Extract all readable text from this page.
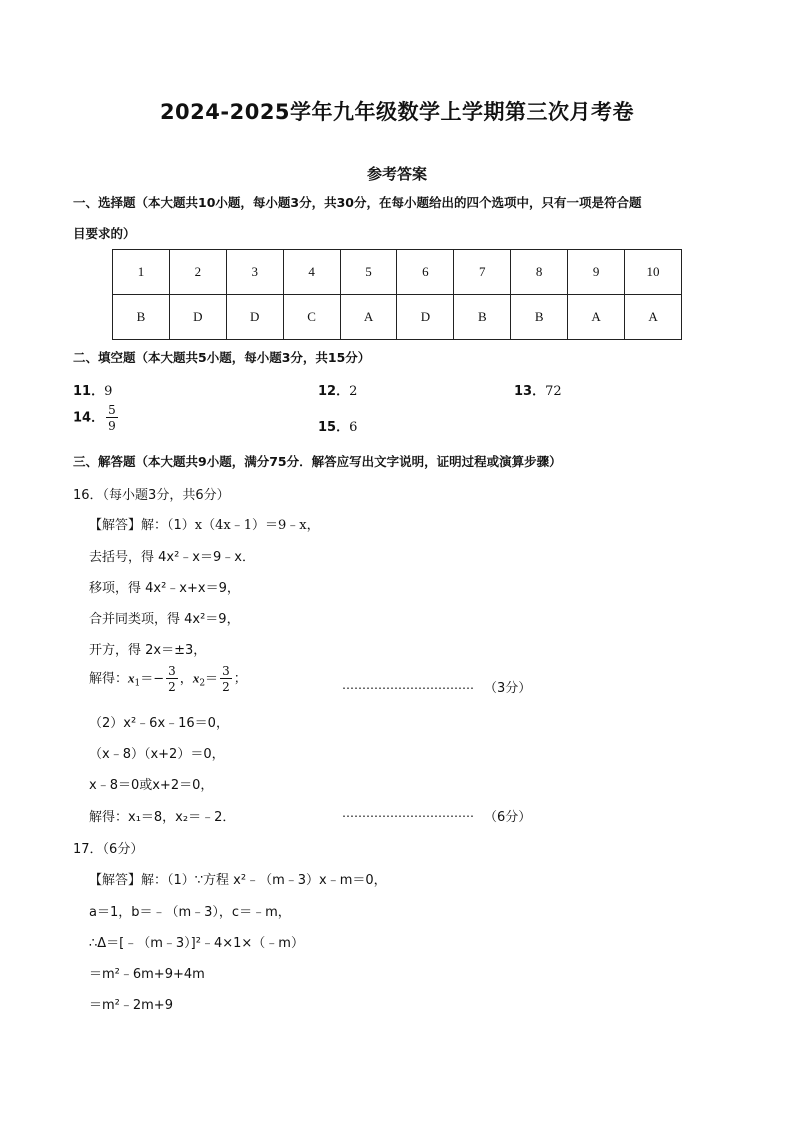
2024-2025学年九年级数学上学期第三次月考卷
参考答案
一、选择题（本大题共10小题，每小题3分，共30分，在每小题给出的四个选项中，只有一项是符合题
目要求的）
1	2	3	4	5	6	7	8	9	10
B	D	D	C	A	D	B	B	A	A
二、填空题（本大题共5小题，每小题3分，共15分）
11．9	12．2	13．72
14． $\frac{5}{9}$	15．6
三、解答题（本大题共9小题，满分75分．解答应写出文字说明，证明过程或演算步骤）
16．（每小题3分，共6分）
【解答】解：（1）x（4x﹣1）＝9﹣x，
去括号，得 4x²﹣x＝9﹣x．
移项，得 4x²﹣x+x＝9，
合并同类项，得 4x²＝9，
开方，得 2x＝±3，
解得：$x_1=- \frac{3}{2}$ ，$x_2= \frac{3}{2}$ ；	…………………………… （3分）
（2）x²﹣6x﹣16＝0，
（x﹣8）（x+2）＝0，
x﹣8＝0或x+2＝0，
解得：x₁＝8，x₂＝﹣2．	…………………………… （6分）
17．（6分）
【解答】解：（1）∵方程 x²﹣（m﹣3）x﹣m＝0，
a＝1，b＝﹣（m﹣3），c＝﹣m，
∴Δ＝[﹣（m﹣3）]²﹣4×1×（﹣m）
＝m²﹣6m+9+4m
＝m²﹣2m+9
